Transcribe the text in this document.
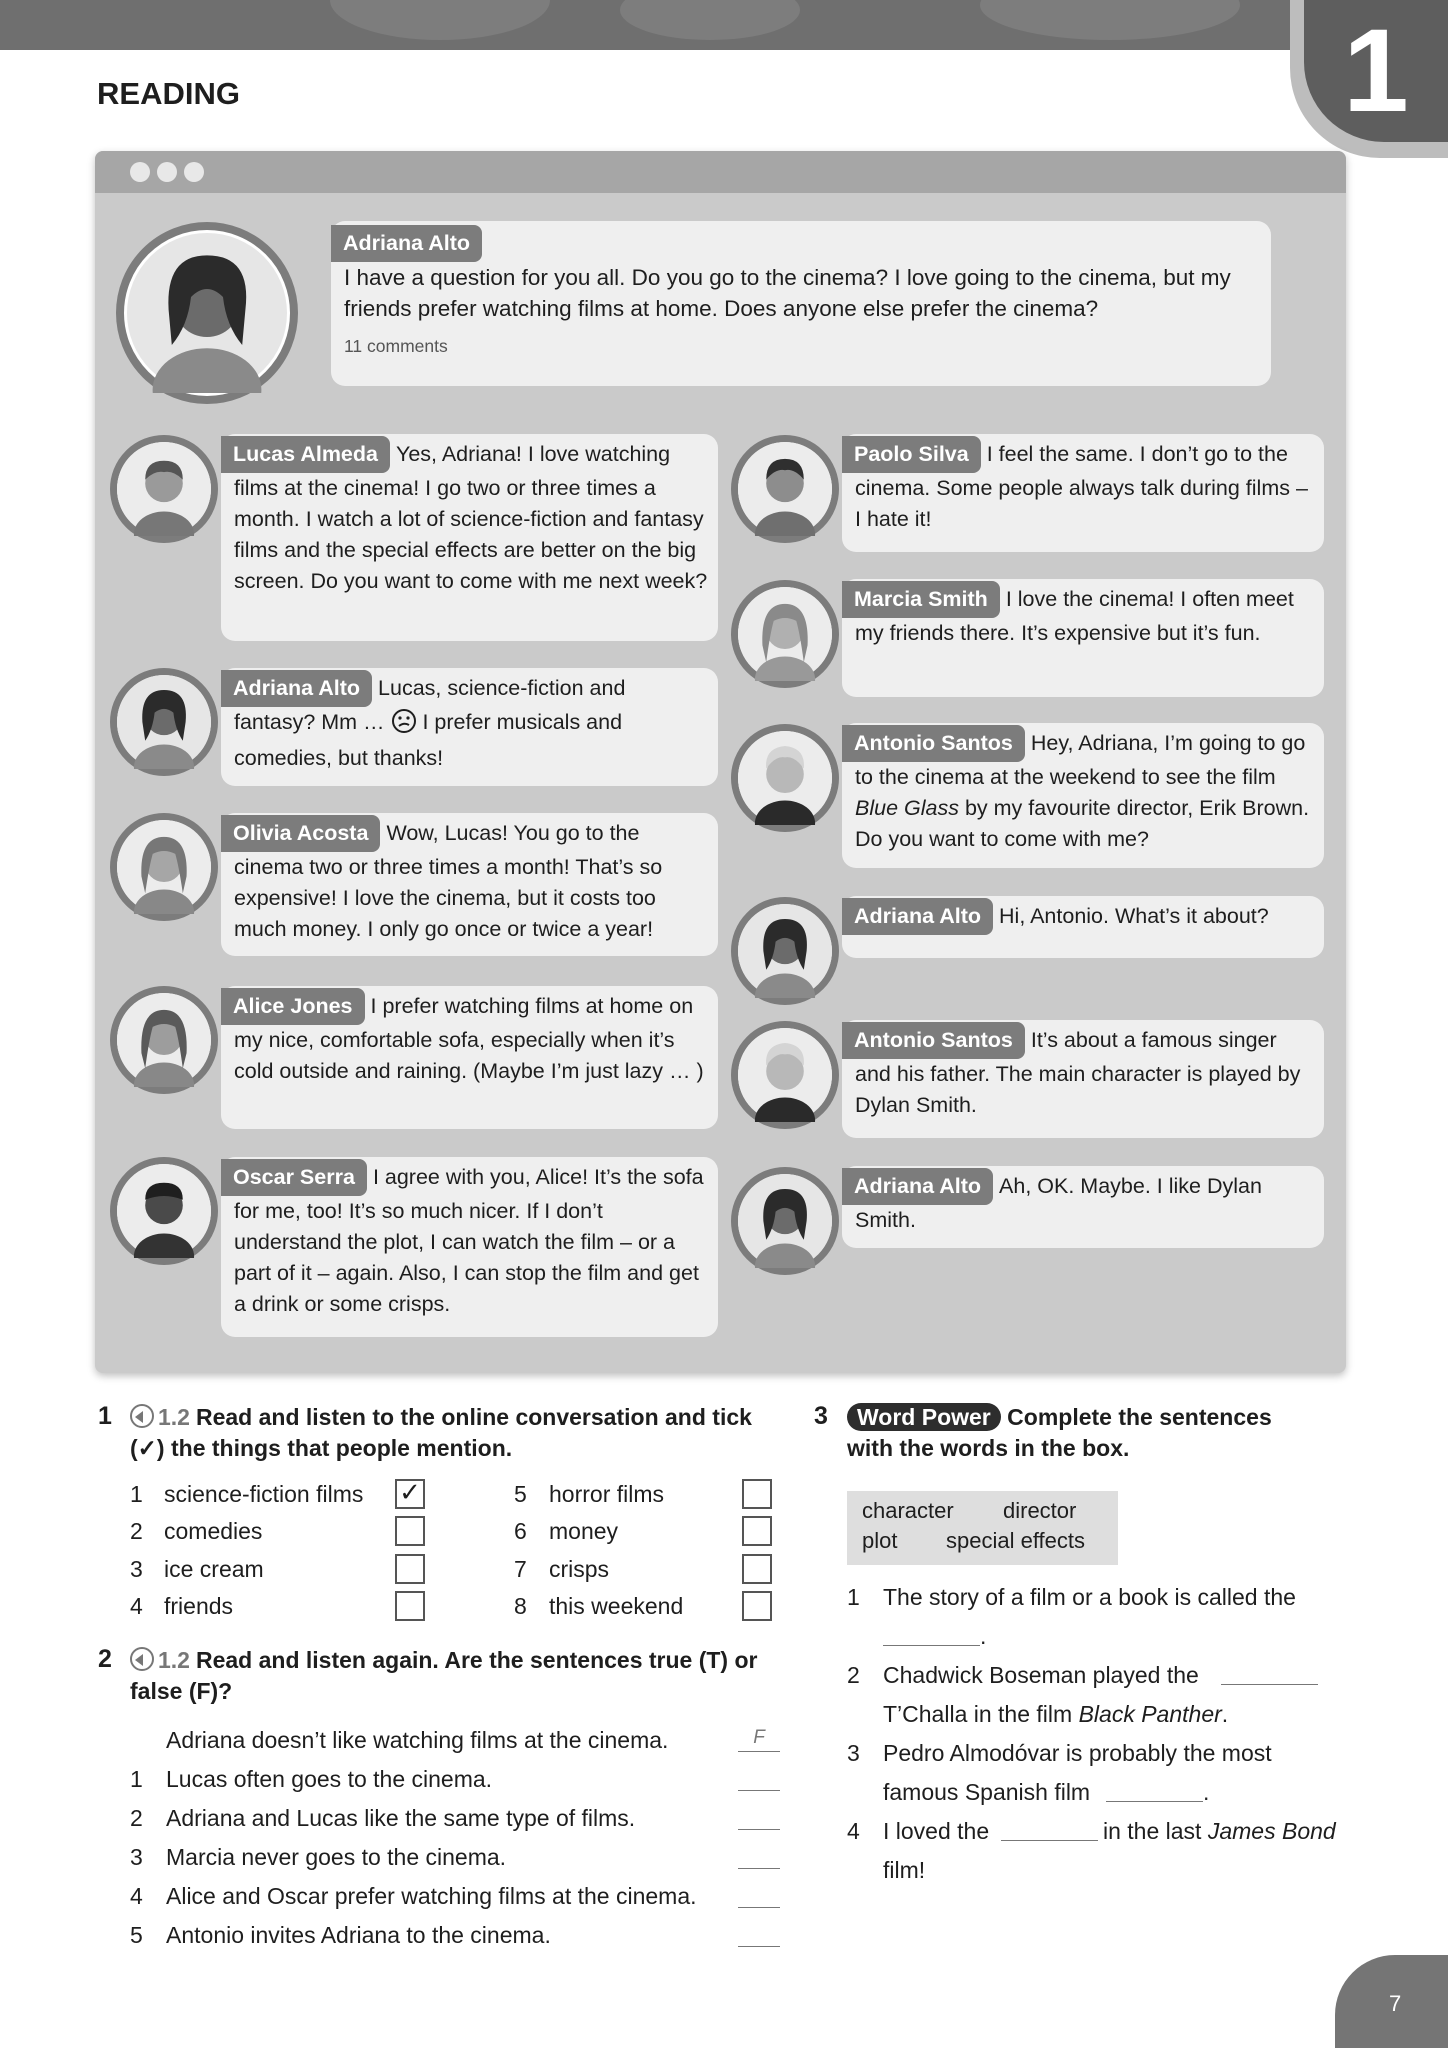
1
READING
Adriana Alto
I have a question for you all. Do you go to the cinema? I love going to the cinema, but my friends prefer watching films at home. Does anyone else prefer the cinema?
11 comments
Lucas Almeda Yes, Adriana! I love watching films at the cinema! I go two or three times a month. I watch a lot of science-fiction and fantasy films and the special effects are better on the big screen. Do you want to come with me next week?
Adriana Alto Lucas, science-fiction and fantasy? Mm …  I prefer musicals and comedies, but thanks!
Olivia Acosta Wow, Lucas! You go to the cinema two or three times a month! That’s so expensive! I love the cinema, but it costs too much money. I only go once or twice a year!
Alice Jones I prefer watching films at home on my nice, comfortable sofa, especially when it’s cold outside and raining. (Maybe I’m just lazy … )
Oscar Serra I agree with you, Alice! It’s the sofa for me, too! It’s so much nicer. If I don’t understand the plot, I can watch the film – or a part of it – again. Also, I can stop the film and get a drink or some crisps.
Paolo Silva I feel the same. I don’t go to the cinema. Some people always talk during films – I hate it!
Marcia Smith I love the cinema! I often meet my friends there. It’s expensive but it’s fun.
Antonio Santos Hey, Adriana, I’m going to go to the cinema at the weekend to see the film Blue Glass by my favourite director, Erik Brown. Do you want to come with me?
Adriana Alto Hi, Antonio. What’s it about?
Antonio Santos It’s about a famous singer and his father. The main character is played by Dylan Smith.
Adriana Alto Ah, OK. Maybe. I like Dylan Smith.
1	1.2 Read and listen to the online conversation and tick (✓) the things that people mention.
1 science-fiction films ✓
2 comedies
3 ice cream
4 friends
5 horror films
6 money
7 crisps
8 this weekend
2	1.2 Read and listen again. Are the sentences true (T) or false (F)?
Adriana doesn’t like watching films at the cinema.	F
1 Lucas often goes to the cinema.
2 Adriana and Lucas like the same type of films.
3 Marcia never goes to the cinema.
4 Alice and Oscar prefer watching films at the cinema.
5 Antonio invites Adriana to the cinema.
3	Word Power Complete the sentences
with the words in the box.
character director
plot special effects
1 The story of a film or a book is called the
.
2 Chadwick Boseman played the
T’Challa in the film Black Panther.
3 Pedro Almodóvar is probably the most
famous Spanish film	.
4 I loved the	in the last James Bond
film!
7
